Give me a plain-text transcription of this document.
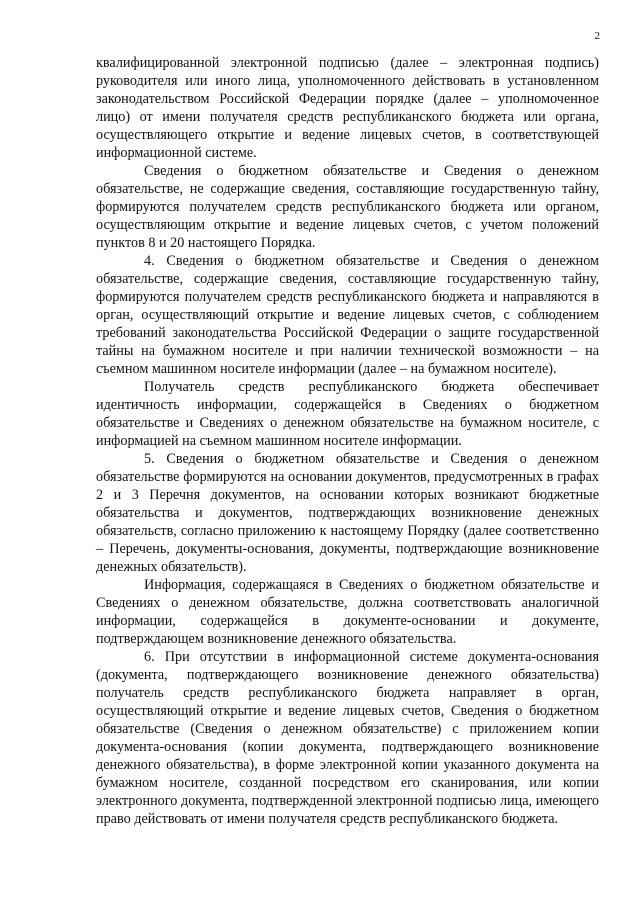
2

квалифицированной электронной подписью (далее – электронная подпись) руководителя или иного лица, уполномоченного действовать в установленном законодательством Российской Федерации порядке (далее – уполномоченное лицо) от имени получателя средств республиканского бюджета или органа, осуществляющего открытие и ведение лицевых счетов, в соответствующей информационной системе.

Сведения о бюджетном обязательстве и Сведения о денежном обязательстве, не содержащие сведения, составляющие государственную тайну, формируются получателем средств республиканского бюджета или органом, осуществляющим открытие и ведение лицевых счетов, с учетом положений пунктов 8 и 20 настоящего Порядка.

4. Сведения о бюджетном обязательстве и Сведения о денежном обязательстве, содержащие сведения, составляющие государственную тайну, формируются получателем средств республиканского бюджета и направляются в орган, осуществляющий открытие и ведение лицевых счетов, с соблюдением требований законодательства Российской Федерации о защите государственной тайны на бумажном носителе и при наличии технической возможности – на съемном машинном носителе информации (далее – на бумажном носителе).

Получатель средств республиканского бюджета обеспечивает идентичность информации, содержащейся в Сведениях о бюджетном обязательстве и Сведениях о денежном обязательстве на бумажном носителе, с информацией на съемном машинном носителе информации.

5. Сведения о бюджетном обязательстве и Сведения о денежном обязательстве формируются на основании документов, предусмотренных в графах 2 и 3 Перечня документов, на основании которых возникают бюджетные обязательства и документов, подтверждающих возникновение денежных обязательств, согласно приложению к настоящему Порядку (далее соответственно – Перечень, документы-основания, документы, подтверждающие возникновение денежных обязательств).

Информация, содержащаяся в Сведениях о бюджетном обязательстве и Сведениях о денежном обязательстве, должна соответствовать аналогичной информации, содержащейся в документе-основании и документе, подтверждающем возникновение денежного обязательства.

6. При отсутствии в информационной системе документа-основания (документа, подтверждающего возникновение денежного обязательства) получатель средств республиканского бюджета направляет в орган, осуществляющий открытие и ведение лицевых счетов, Сведения о бюджетном обязательстве (Сведения о денежном обязательстве) с приложением копии документа-основания (копии документа, подтверждающего возникновение денежного обязательства), в форме электронной копии указанного документа на бумажном носителе, созданной посредством его сканирования, или копии электронного документа, подтвержденной электронной подписью лица, имеющего право действовать от имени получателя средств республиканского бюджета.
